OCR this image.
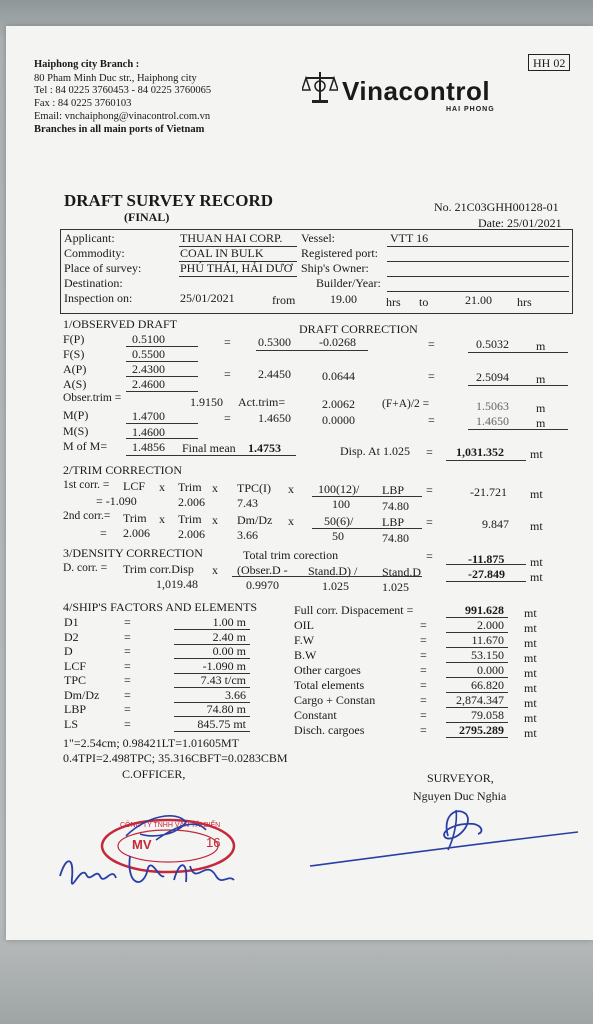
Haiphong city Branch :
80 Pham Minh Duc str., Haiphong city
Tel : 84 0225 3760453 - 84 0225 3760065
Fax : 84 0225 3760103
Email: vnchaiphong@vinacontrol.com.vn
Branches in all main ports of Vietnam
HH 02
Vinacontrol
HAI PHONG
DRAFT SURVEY RECORD
(FINAL)
No. 21C03GHH00128-01
Date: 25/01/2021
Applicant:	THUAN HAI CORP. Vessel:	VTT 16
Commodity:	COAL IN BULK	Registered port:
Place of survey:	PHÚ THÁI, HẢI DƯƠ Ship's Owner:
Destination:	Builder/Year:
Inspection on:	25/01/2021	from	19.00 hrs to	21.00 hrs
1/OBSERVED DRAFT	DRAFT CORRECTION
F(P)	0.5100	= 0.5300 -0.0268	=	0.5032 m
F(S)	0.5500
A(P)	2.4300	= 2.4450	0.0644	=	2.5094 m
A(S)	2.4600
Obser.trim =	1.9150 Act.trim=	2.0062 (F+A)/2 =	1.5063 m
M(P)	1.4700	= 1.4650	0.0000	=	1.4650 m
M(S)	1.4600
M of M= 1.4856 Final mean 1.4753	Disp. At 1.025 = 1,031.352 mt
2/TRIM CORRECTION
1st corr. = LCF x Trim x TPC(I) x 100(12)/ LBP =	-21.721 mt
= -1.090	2.006	7.43	100	74.80
2nd corr.= Trim x Trim x Dm/Dz x	50(6)/ LBP =	9.847 mt
= 2.006 2.006	3.66	50	74.80
3/DENSITY CORRECTION	Total trim corection	=	-11.875 mt
D. corr. = Trim corr.Disp x (Obser.D - Stand.D) / Stand.D	-27.849 mt
1,019.48	0.9970	1.025	1.025
4/SHIP'S FACTORS AND ELEMENTS
1"=2.54cm; 0.98421LT=1.01605MT
0.4TPI=2.498TPC; 35.316CBFT=0.0283CBM
C.OFFICER,	SURVEYOR,
Nguyen Duc Nghia
CÔNG TY TNHH VẬN TẢI BIỂN
MV	16
D1	=	1.00 m
D2	=	2.40 m
D	=	0.00 m
LCF	=	-1.090 m
TPC	=	7.43 t/cm
Dm/Dz =	3.66
LBP	=	74.80 m
LS	=	845.75 mt
Full corr. Dispacement =	991.628 mt
OIL	=	2.000 mt
F.W	=	11.670 mt
B.W	=	53.150 mt
Other cargoes	=	0.000 mt
Total elements	=	66.820 mt
Cargo + Constan	= 2,874.347 mt
Constant	=	79.058 mt
Disch. cargoes	=	2795.289 mt
